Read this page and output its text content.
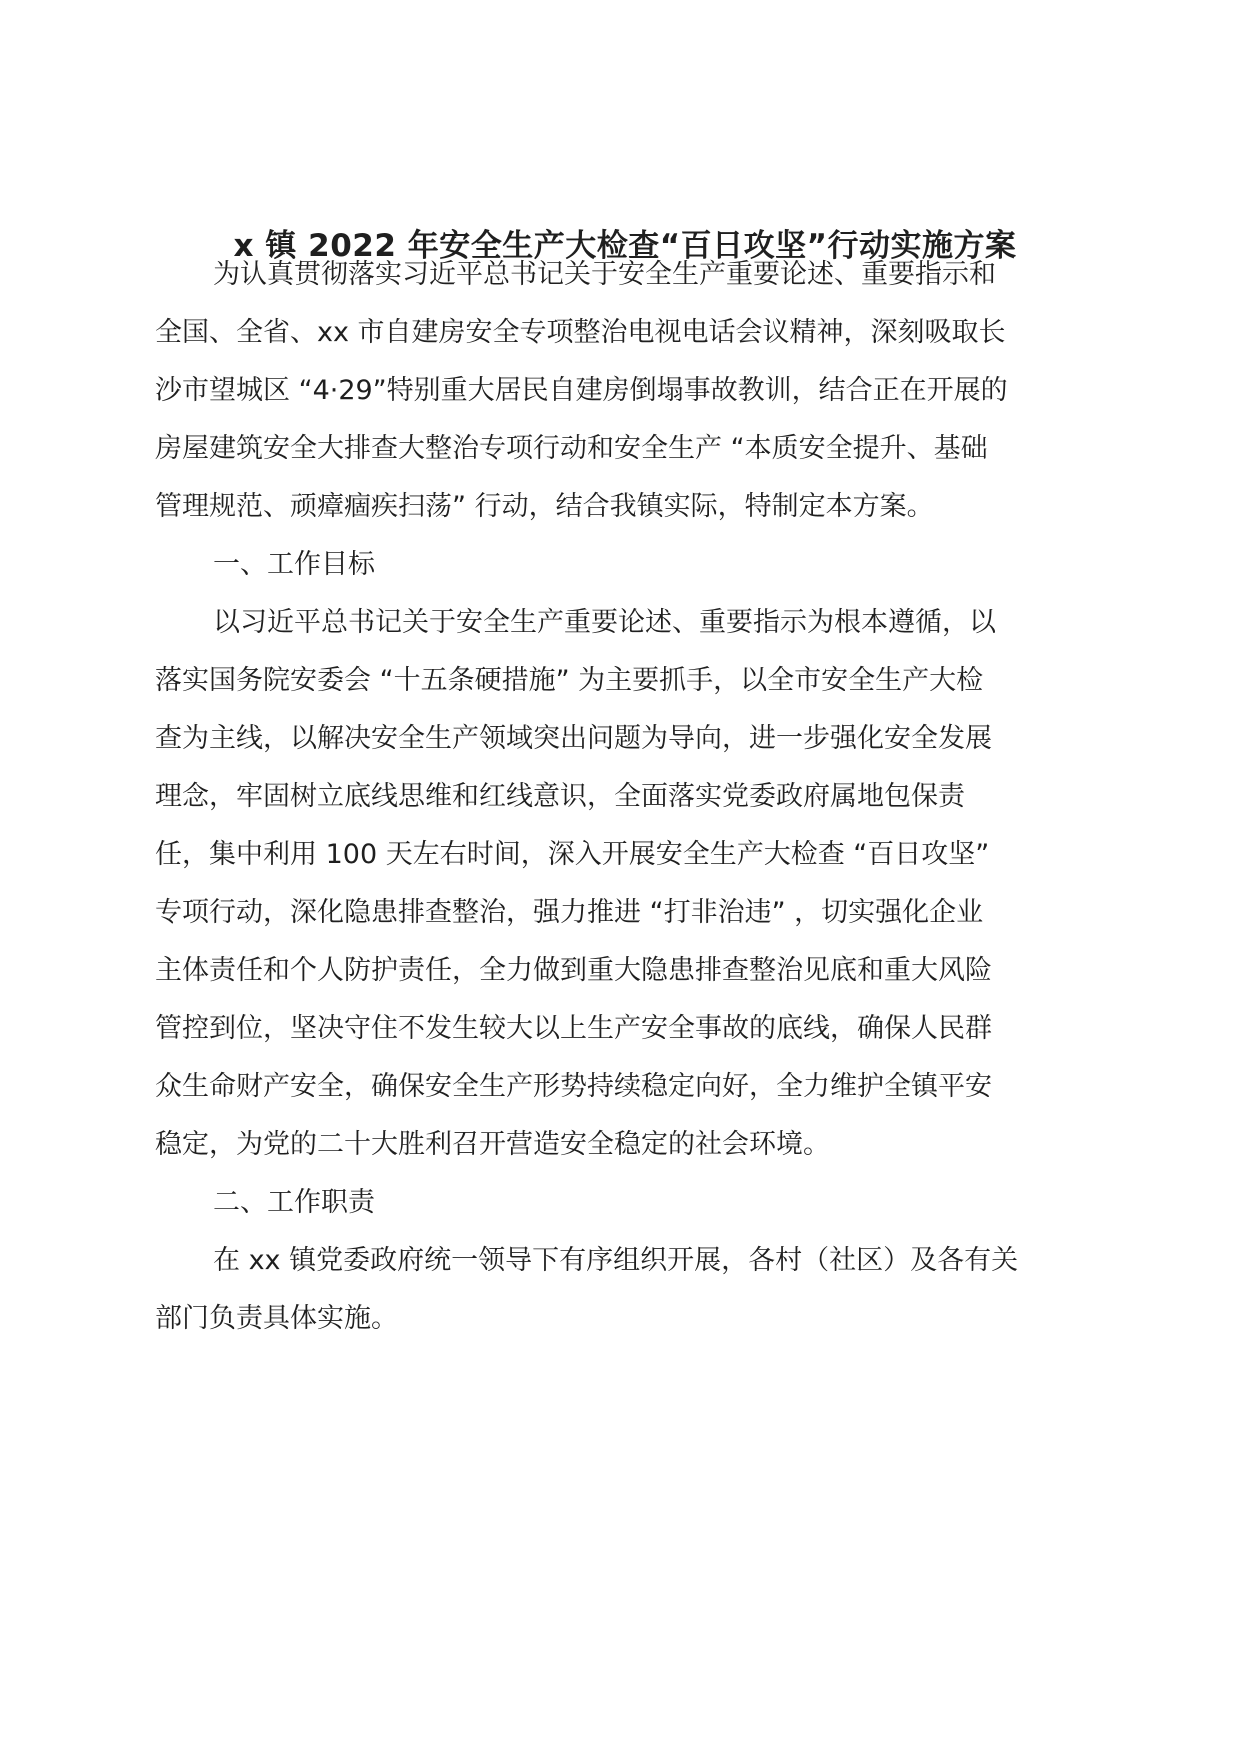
x 镇 2022 年安全生产大检查“百日攻坚”行动实施方案

为认真贯彻落实习近平总书记关于安全生产重要论述、重要指示和

全国、全省、xx 市自建房安全专项整治电视电话会议精神，深刻吸取长

沙市望城区 “4·29”特别重大居民自建房倒塌事故教训，结合正在开展的

房屋建筑安全大排查大整治专项行动和安全生产 “本质安全提升、基础

管理规范、顽瘴痼疾扫荡” 行动，结合我镇实际，特制定本方案。

一、工作目标

以习近平总书记关于安全生产重要论述、重要指示为根本遵循，以

落实国务院安委会 “十五条硬措施” 为主要抓手，以全市安全生产大检

查为主线，以解决安全生产领域突出问题为导向，进一步强化安全发展

理念，牢固树立底线思维和红线意识，全面落实党委政府属地包保责

任，集中利用 100 天左右时间，深入开展安全生产大检查 “百日攻坚”

专项行动，深化隐患排查整治，强力推进 “打非治违” ，切实强化企业

主体责任和个人防护责任，全力做到重大隐患排查整治见底和重大风险

管控到位，坚决守住不发生较大以上生产安全事故的底线，确保人民群

众生命财产安全，确保安全生产形势持续稳定向好，全力维护全镇平安

稳定，为党的二十大胜利召开营造安全稳定的社会环境。

二、工作职责

在 xx 镇党委政府统一领导下有序组织开展，各村（社区）及各有关

部门负责具体实施。
